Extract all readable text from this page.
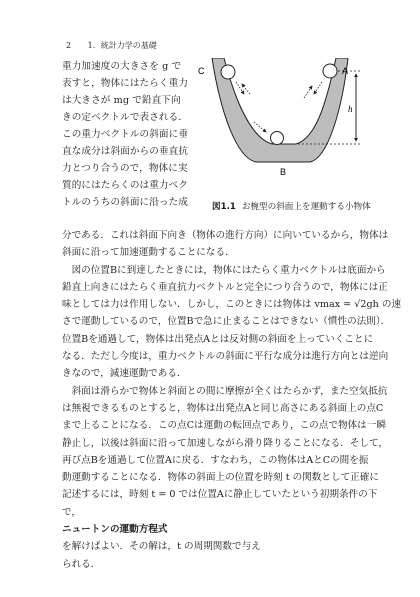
2 1．統計力学の基礎
重力加速度の大きさを g で
表すと，物体にはたらく重力
は大きさが mg で鉛直下向
きの定ベクトルで表される．
この重力ベクトルの斜面に垂
直な成分は斜面からの垂直抗
力とつり合うので，物体に実
質的にはたらくのは重力ベク
トルのうちの斜面に沿った成
C	A
B
h
図1.1 お椀型の斜面上を運動する小物体
分である．これは斜面下向き（物体の進行方向）に向いているから，物体は
斜面に沿って加速運動することになる．
　図の位置Bに到達したときには，物体にはたらく重力ベクトルは底面から
鉛直上向きにはたらく垂直抗力ベクトルと完全につり合うので，物体には正
味としては力は作用しない．しかし，このときには物体は vmax = √2gh の速
さで運動しているので，位置Bで急に止まることはできない（慣性の法則）．
位置Bを通過して，物体は出発点Aとは反対側の斜面を上っていくことに
なる．ただし今度は，重力ベクトルの斜面に平行な成分は進行方向とは逆向
きなので，減速運動である．
　斜面は滑らかで物体と斜面との間に摩擦が全くはたらかず，また空気抵抗
は無視できるものとすると，物体は出発点Aと同じ高さにある斜面上の点C
まで上ることになる．この点Cは運動の転回点であり，この点で物体は一瞬
静止し，以後は斜面に沿って加速しながら滑り降りることになる．そして，
再び点Bを通過して位置Aに戻る．すなわち，この物体はAとCの間を振
動運動することになる．物体の斜面上の位置を時刻 t の関数として正確に
記述するには，時刻 t = 0 では位置Aに静止していたという初期条件の下
で，
ニュートンの運動方程式
を解けばよい．その解は，t の周期関数で与え
られる．
